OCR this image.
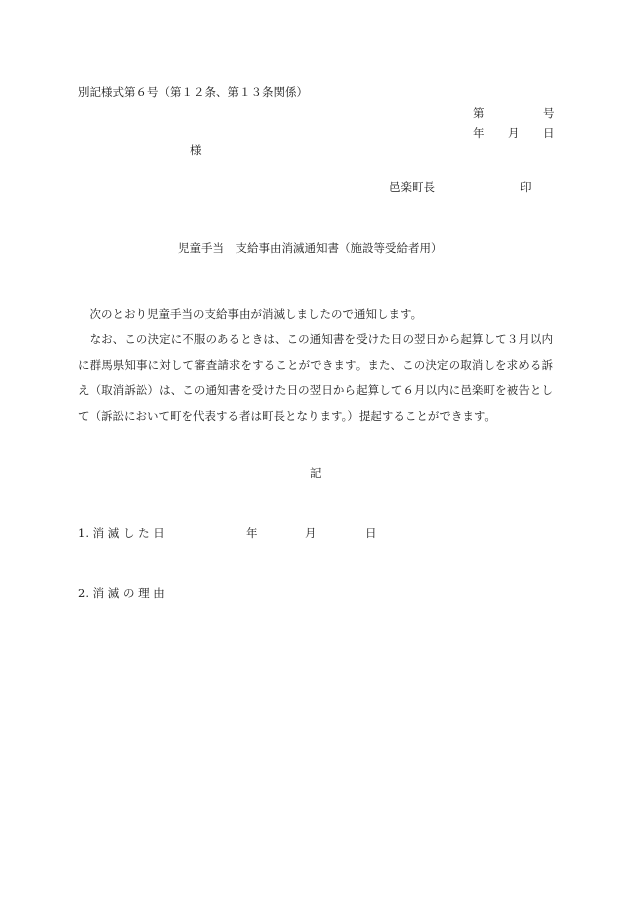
別記様式第６号（第１２条、第１３条関係）
第	号
年 月 日
様
邑楽町長	印
児童手当　支給事由消滅通知書（施設等受給者用）
　次のとおり児童手当の支給事由が消滅しましたので通知します。
　なお、この決定に不服のあるときは、この通知書を受けた日の翌日から起算して３月以内に群馬県知事に対して審査請求をすることができます。また、この決定の取消しを求める訴え（取消訴訟）は、この通知書を受けた日の翌日から起算して６月以内に邑楽町を被告として（訴訟において町を代表する者は町長となります。）提起することができます。
記
1. 消 滅 し た 日	年	月	日
2. 消 滅 の 理 由
